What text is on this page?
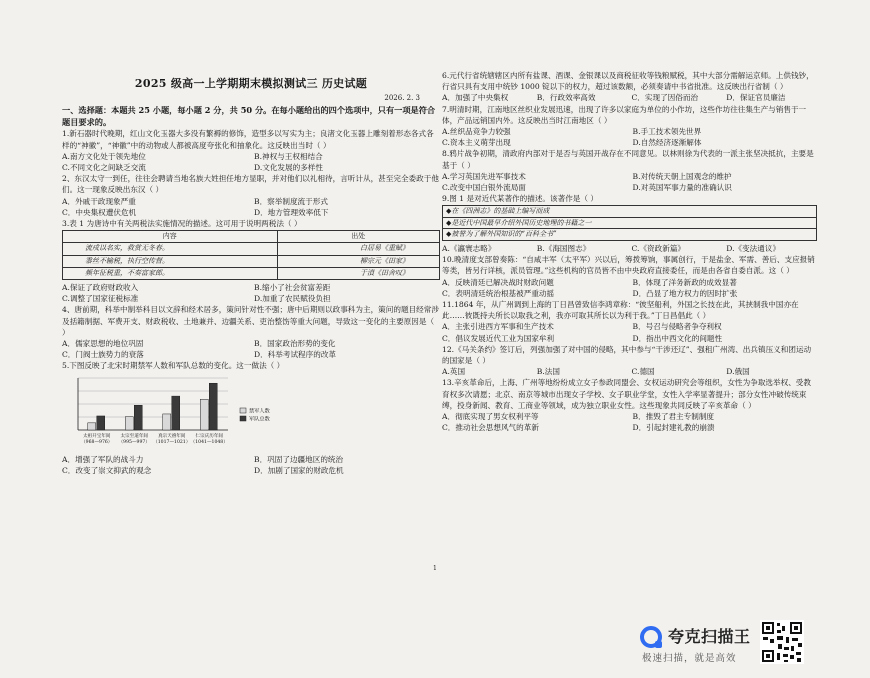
2025 级高一上学期期末模拟测试三 历史试题
2026. 2. 3

一、选择题：本题共 25 小题，每小题 2 分，共 50 分。在每小题给出的四个选项中，只有一项是符合题目要求的。

1.新石器时代晚期，红山文化玉器大多没有繁褥的修饰，造型多以写实为主；良渚文化玉器上雕刻着形态各式各样的“神徽”，“神徽”中的动物或人都被高度夸张化和抽象化。这反映出当时（ ）

A.南方文化处于领先地位	B.神权与王权相结合
C.不同文化之间缺乏交流	D.文化发展的多样性

2、东汉太守一到任，往往会聘请当地名族大姓担任地方显职，并对他们以礼相待，言听计从，甚至完全委政于他们。这一现象反映出东汉（ ）

A．外戚干政现象严重	B．察举制度流于形式
C．中央集权遭伏危机	D．地方管理效率低下

3.表 1 为唐诗中有关两税法实施情况的描述。这可用于说明两税法（ ）

内容	出处
流戍以名实，救赏无冬春。	白居易《重赋》
黍丝不输税，执行空传督。	柳宗元《田家》
频年征税重，不奏富家郎。	于濆《田舍叹》
A.保证了政府财政收入	B.缩小了社会贫富差距
C.调整了国家征税标准	D.加重了农民赋役负担

4、唐前期，科举中制举科目以文辞和经术居多，策问针对性不强；唐中后期则以政事科为主，策问的题目经常涉及括籍制据、军费开支、财政税收、土地兼并、边疆关系、吏治整饬等重大问题，导致这一变化的主要原因是（ ）

A．儒家思想的地位巩固	B．国家政治形势的变化
C．门阀士族势力的衰落	D．科举考试程序的改革

5.下图反映了北宋时期禁军人数和军队总数的变化。这一做法（ ）

太祖开宝年间
（968—976）
太宗至道年间
（995—997）
真宗天禧年间
（1017—1021）
仁宗庆历年间
（1041—1048）
禁军人数
军队总数
A．增强了军队的战斗力	B．巩固了边疆地区的统治
C．改变了崇文抑武的观念	D．加剧了国家的财政危机

6.元代行省统辖辖区内所有盐课、酒课、金银课以及商税征收等钱粮赋税，其中大部分需解运京师。上供钱钞，行省只具有支用中统钞 1000 锭以下的权力，超过该数额，必须奏请中书省批准。这反映出行省制（ ）

A．加强了中央集权	B．行政效率高效	C．实现了因俗而治	D．保证官员廉洁

7.明清时期，江南地区丝织业发展迅速，出现了许多以家庭为单位的小作坊，这些作坊往往集生产与销售于一体，产品远销国内外。这反映出当时江南地区（ ）

A.丝织品竞争力较强	B.手工技术领先世界
C.资本主义萌芽出现	D.自然经济逐渐解体

8.鸦片战争初期，清政府内部对于是否与英国开战存在不同意见。以林则徐为代表的一派主张坚决抵抗，主要是基于（ ）

A.学习英国先进军事技术	B.对传统天朝上国观念的维护
C.改变中国白银外流局面	D.对英国军事力量的准确认识

9.图 1 是对近代某著作的描述。该著作是（ ）

◆在《四洲志》的基础上编写而成
◆是近代中国最早介绍外国历史地理的书籍之一
◆被誉为了解外国知识的“百科全书”
A.《瀛寰志略》	B.《海国图志》	C.《资政新篇》	D.《变法通议》

10.晚清度支部曾奏陈：“自咸丰军（太平军）兴以后，筹拨筹饷，事属创行，于是盐金、军需、善后、支应报销等类，皆另行详核，派员管理。”这些机构的官员皆不由中央政府直接委任，而是由各省自委自派。这（ ）

A．反映清廷已解决战时财政问题	B．体现了洋务新政的成效显著
C．表明清廷统治根基被严重动摇	D．凸显了地方权力的因时扩张

11.1864 年，从广州调到上海的丁日昌曾致信李鸿章称：“彼坚船利，外国之长技在此，其挟制我中国亦在此……彼既持夫所长以取我之利，我亦可取其所长以为利于我。”丁日昌倡此（ ）

A．主张引进西方军事和生产技术	B．号召与侵略者争夺利权
C．倡议发展近代工业为国家牟利	D．指出中西文化的间题性

12.《马关条约》签订后，列强加强了对中国的侵略，其中参与“干涉还辽”、强租广州湾、出兵镇压义和团运动的国家是（ ）

A.英国	B.法国	C.德国	D.俄国

13.辛亥革命后，上海、广州等地纷纷成立女子参政同盟会、女权运动研究会等组织，女性为争取选举权、受教育权多次请愿；北京、南京等城市出现女子学校、女子职业学堂，女性入学率显著提升；部分女性冲破传统束缚，投身新闻、教育、工商业等领域，成为独立职业女性。这些现象共同反映了辛亥革命（ ）

A．彻底实现了男女权利平等	B．推毁了君主专制制度
C．推动社会思想风气的革新	D．引起封建礼教的崩溃
1
夸克扫描王
极速扫描，就是高效
